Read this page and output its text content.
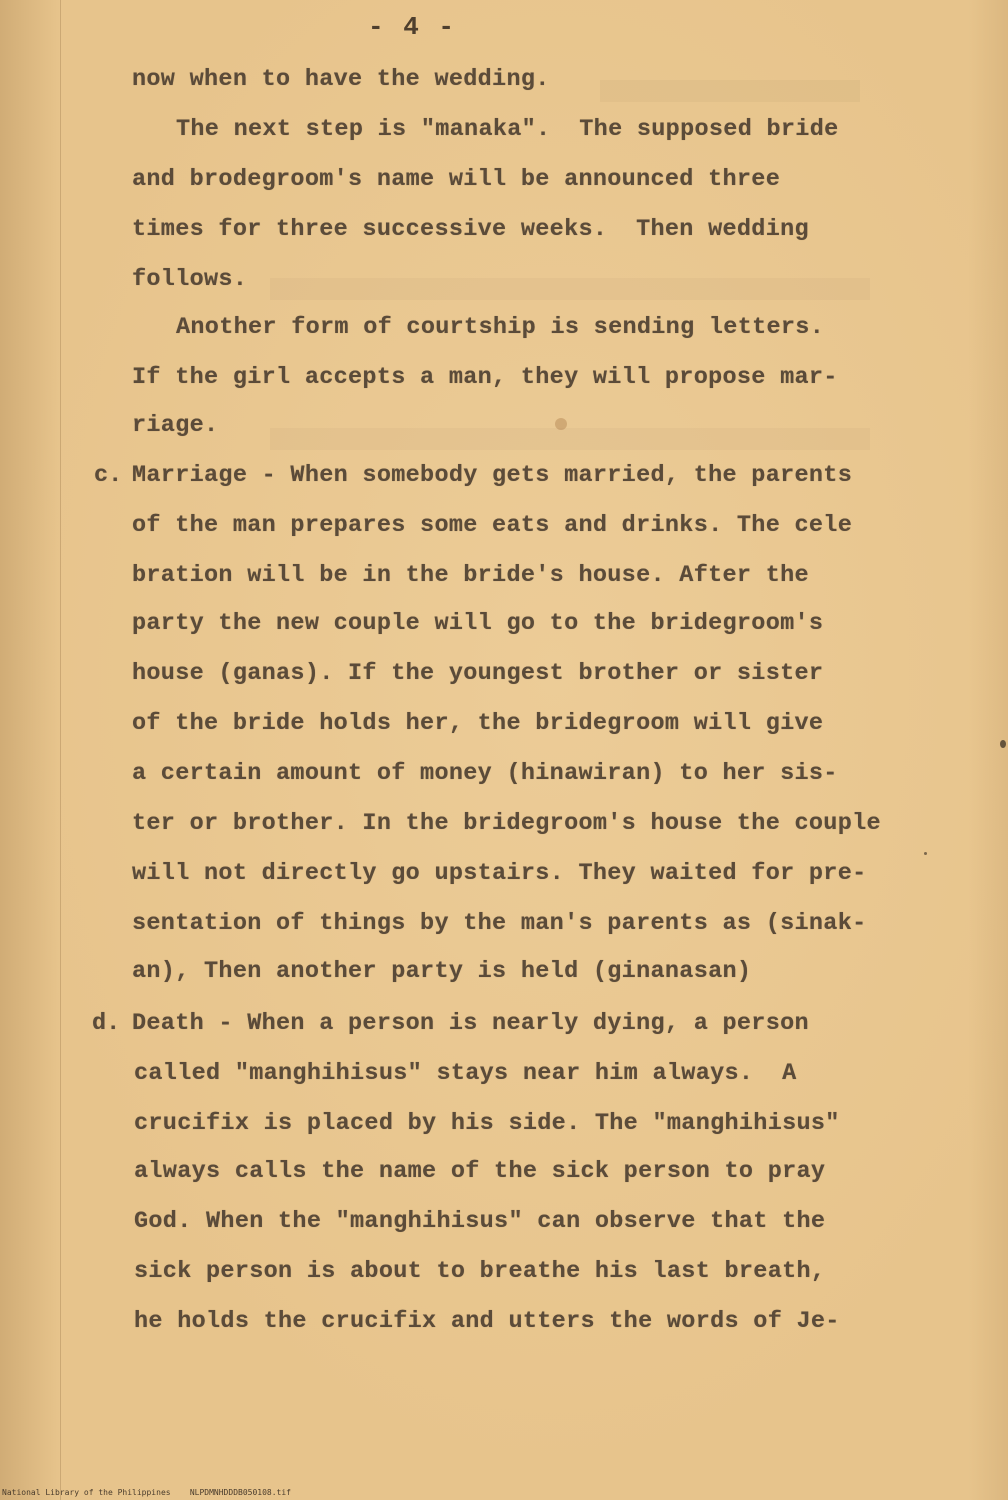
- 4 -
now when to have the wedding.
The next step is "manaka".  The supposed bride
and brodegroom's name will be announced three
times for three successive weeks.  Then wedding
follows.
Another form of courtship is sending letters.
If the girl accepts a man, they will propose mar-
riage.
c. Marriage - When somebody gets married, the parents
of the man prepares some eats and drinks. The cele
bration will be in the bride's house. After the
party the new couple will go to the bridegroom's
house (ganas). If the youngest brother or sister
of the bride holds her, the bridegroom will give
a certain amount of money (hinawiran) to her sis-
ter or brother. In the bridegroom's house the couple
will not directly go upstairs. They waited for pre-
sentation of things by the man's parents as (sinak-
an), Then another party is held (ginanasan)
d. Death - When a person is nearly dying, a person
called "manghihisus" stays near him always.  A
crucifix is placed by his side. The "manghihisus"
always calls the name of the sick person to pray
God. When the "manghihisus" can observe that the
sick person is about to breathe his last breath,
he holds the crucifix and utters the words of Je-
National Library of the Philippines NLPDMNHDDDB050108.tif
